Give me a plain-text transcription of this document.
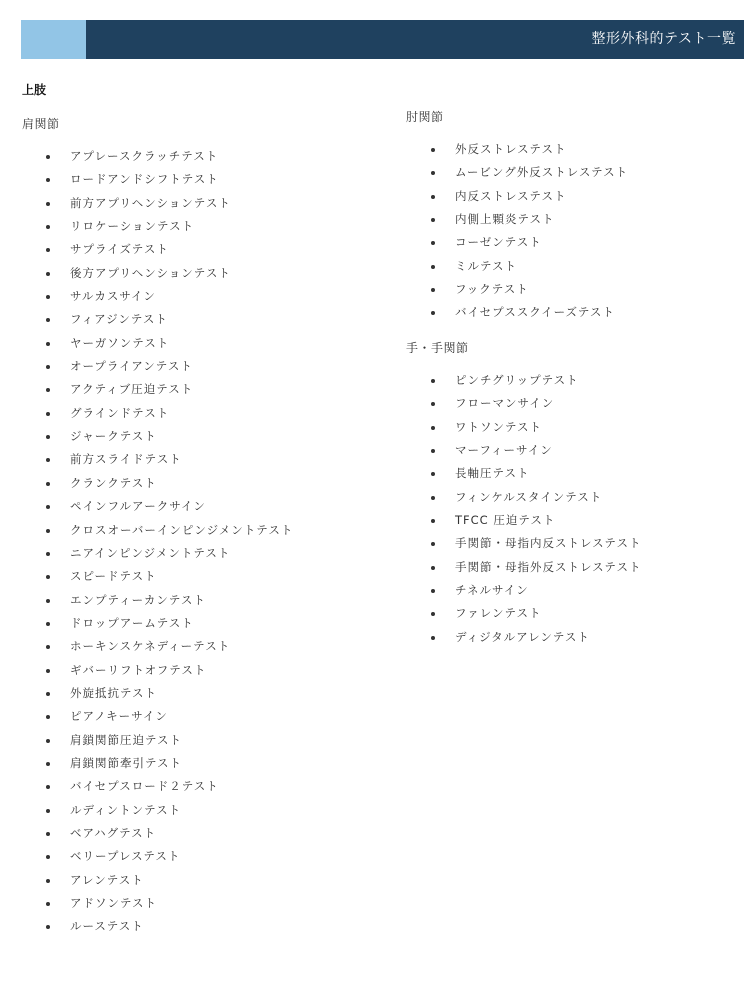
整形外科的テスト一覧
上肢
肩関節
アプレースクラッチテスト
ロードアンドシフトテスト
前方アプリヘンションテスト
リロケーションテスト
サプライズテスト
後方アプリヘンションテスト
サルカスサイン
フィアジンテスト
ヤーガソンテスト
オープライアンテスト
アクティブ圧迫テスト
グラインドテスト
ジャークテスト
前方スライドテスト
クランクテスト
ペインフルアークサイン
クロスオーバーインピンジメントテスト
ニアインピンジメントテスト
スピードテスト
エンプティーカンテスト
ドロップアームテスト
ホーキンスケネディーテスト
ギバーリフトオフテスト
外旋抵抗テスト
ピアノキーサイン
肩鎖関節圧迫テスト
肩鎖関節牽引テスト
バイセプスロード２テスト
ルディントンテスト
ベアハグテスト
ベリープレステスト
アレンテスト
アドソンテスト
ルーステスト
肘関節
外反ストレステスト
ムービング外反ストレステスト
内反ストレステスト
内側上顆炎テスト
コーゼンテスト
ミルテスト
フックテスト
バイセプススクイーズテスト
手・手関節
ピンチグリップテスト
フローマンサイン
ワトソンテスト
マーフィーサイン
長軸圧テスト
フィンケルスタインテスト
TFCC 圧迫テスト
手関節・母指内反ストレステスト
手関節・母指外反ストレステスト
チネルサイン
ファレンテスト
ディジタルアレンテスト
